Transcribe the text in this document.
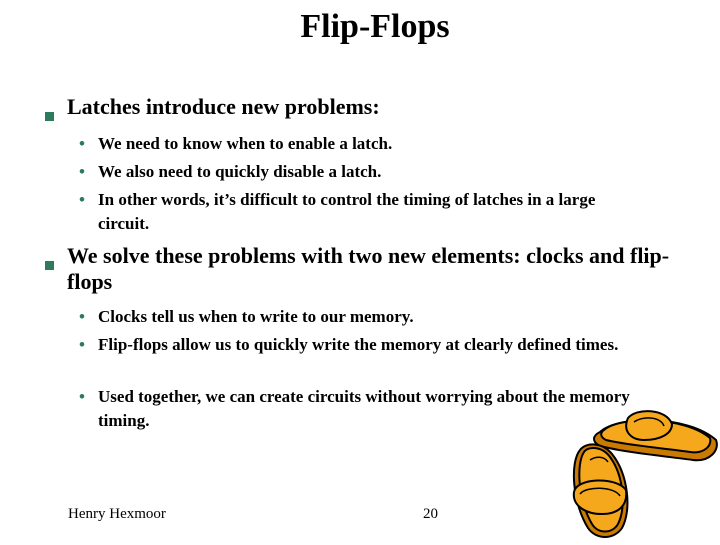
Flip-Flops
Latches introduce new problems:
• We need to know when to enable a latch.
• We also need to quickly disable a latch.
• In other words, it’s difficult to control the timing of latches in a large circuit.
We solve these problems with two new elements: clocks and flip-flops
• Clocks tell us when to write to our memory.
• Flip-flops allow us to quickly write the memory at clearly defined times.
• Used together, we can create circuits without worrying about the memory timing.
Henry Hexmoor	20
